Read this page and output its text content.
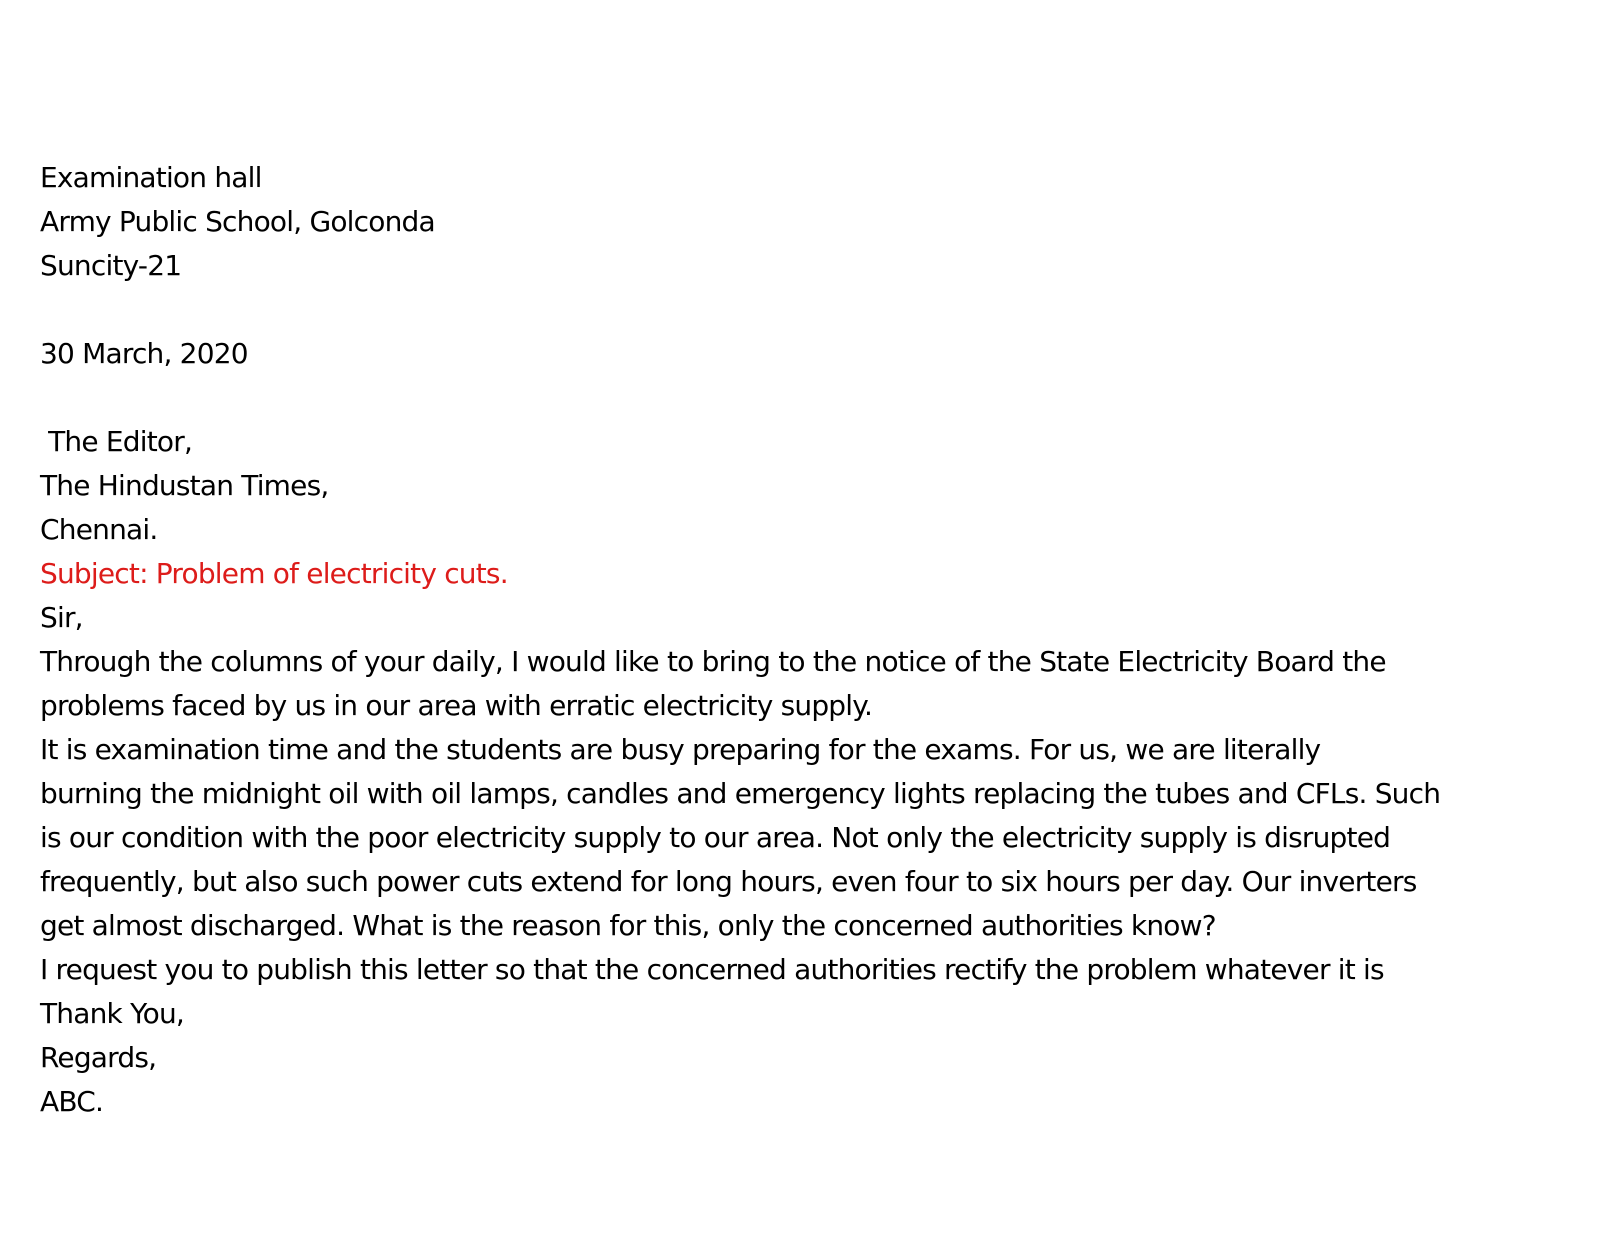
Examination hall
Army Public School, Golconda
Suncity-21
30 March, 2020
The Editor,
The Hindustan Times,
Chennai.
Subject: Problem of electricity cuts.
Sir,
Through the columns of your daily, I would like to bring to the notice of the State Electricity Board the
problems faced by us in our area with erratic electricity supply.
It is examination time and the students are busy preparing for the exams. For us, we are literally
burning the midnight oil with oil lamps, candles and emergency lights replacing the tubes and CFLs. Such
is our condition with the poor electricity supply to our area. Not only the electricity supply is disrupted
frequently, but also such power cuts extend for long hours, even four to six hours per day. Our inverters
get almost discharged. What is the reason for this, only the concerned authorities know?
I request you to publish this letter so that the concerned authorities rectify the problem whatever it is
Thank You,
Regards,
ABC.
